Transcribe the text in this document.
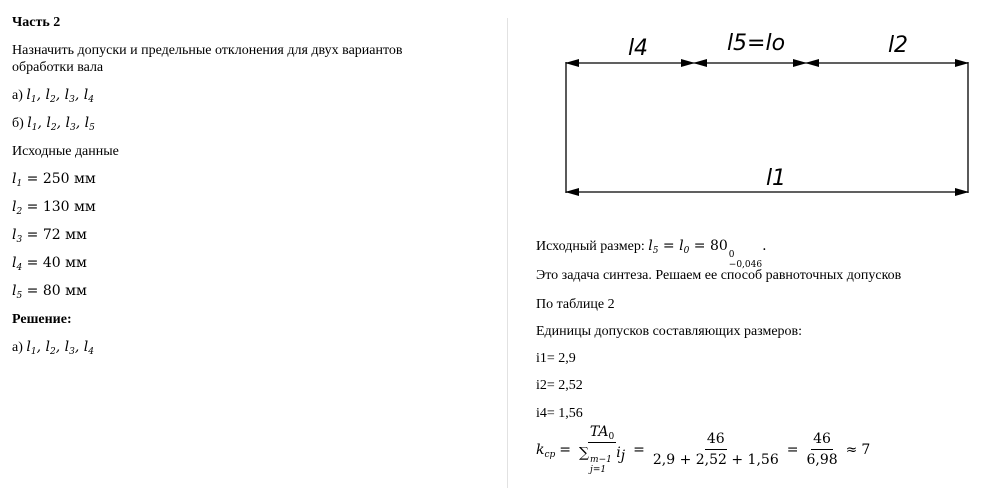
Часть 2

Назначить допуски и предельные отклонения для двух вариантов

обработки вала

а) $l_1$, $l_2$, $l_3$, $l_4$

б) $l_1$, $l_2$, $l_3$, $l_5$

Исходные данные

$l_1 = 250$ мм

$l_2 = 130$ мм

$l_3 = 72$ мм

$l_4 = 40$ мм

$l_5 = 80$ мм

Решение:

а) $l_1$, $l_2$, $l_3$, $l_4$

l4	l5=lo	l2
l1
Исходный размер: $l_5 = l_0 = 80$
0
−0,046
.
Это задача синтеза. Решаем ее способ равноточных допусков
По таблице 2
Единицы допусков составляющих размеров:
i1= 2,9
i2= 2,52
i4= 1,56
$k_{cp} = TA_0$
∑ m−1
j=1
$i_j = \frac{46}{2,9 + 2,52 + 1,56} = \frac{46}{6,98} \approx 7$
